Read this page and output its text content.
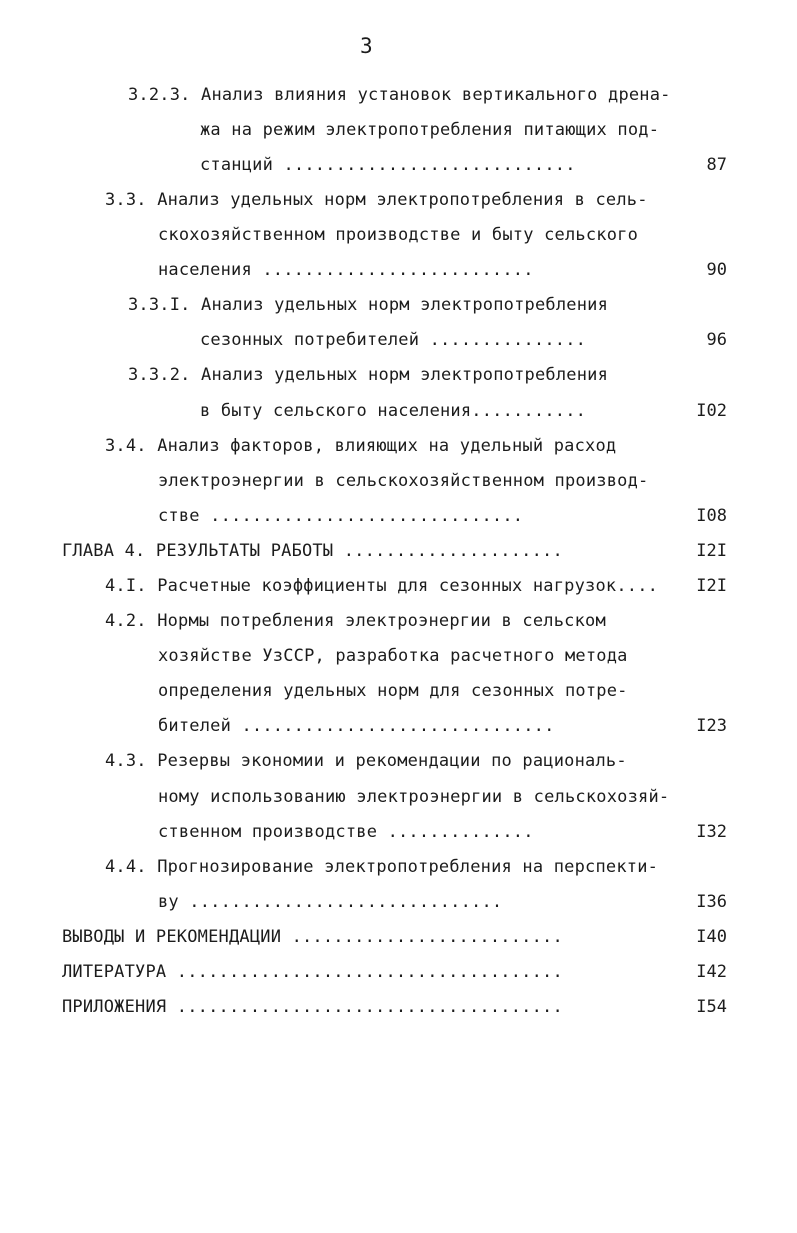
3
3.2.3. Анализ влияния установок вертикального дрена-
жа на режим электропотребления питающих под-
станций ............................	87
3.3. Анализ удельных норм электропотребления в сель-
скохозяйственном производстве и быту сельского
населения ..........................	90
3.3.I. Анализ удельных норм электропотребления
сезонных потребителей ...............	96
3.3.2. Анализ удельных норм электропотребления
в быту сельского населения...........	I02
3.4. Анализ факторов, влияющих на удельный расход
электроэнергии в сельскохозяйственном производ-
стве ..............................	I08
ГЛАВА 4. РЕЗУЛЬТАТЫ РАБОТЫ .....................	I2I
4.I. Расчетные коэффициенты для сезонных нагрузок.... I2I
4.2. Нормы потребления электроэнергии в сельском
хозяйстве УзССР, разработка расчетного метода
определения удельных норм для сезонных потре-
бителей ..............................	I23
4.3. Резервы экономии и рекомендации по рациональ-
ному использованию электроэнергии в сельскохозяй-
ственном производстве ..............	I32
4.4. Прогнозирование электропотребления на перспекти-
ву ..............................	I36
ВЫВОДЫ И РЕКОМЕНДАЦИИ ..........................	I40
ЛИТЕРАТУРА .....................................	I42
ПРИЛОЖЕНИЯ .....................................	I54
